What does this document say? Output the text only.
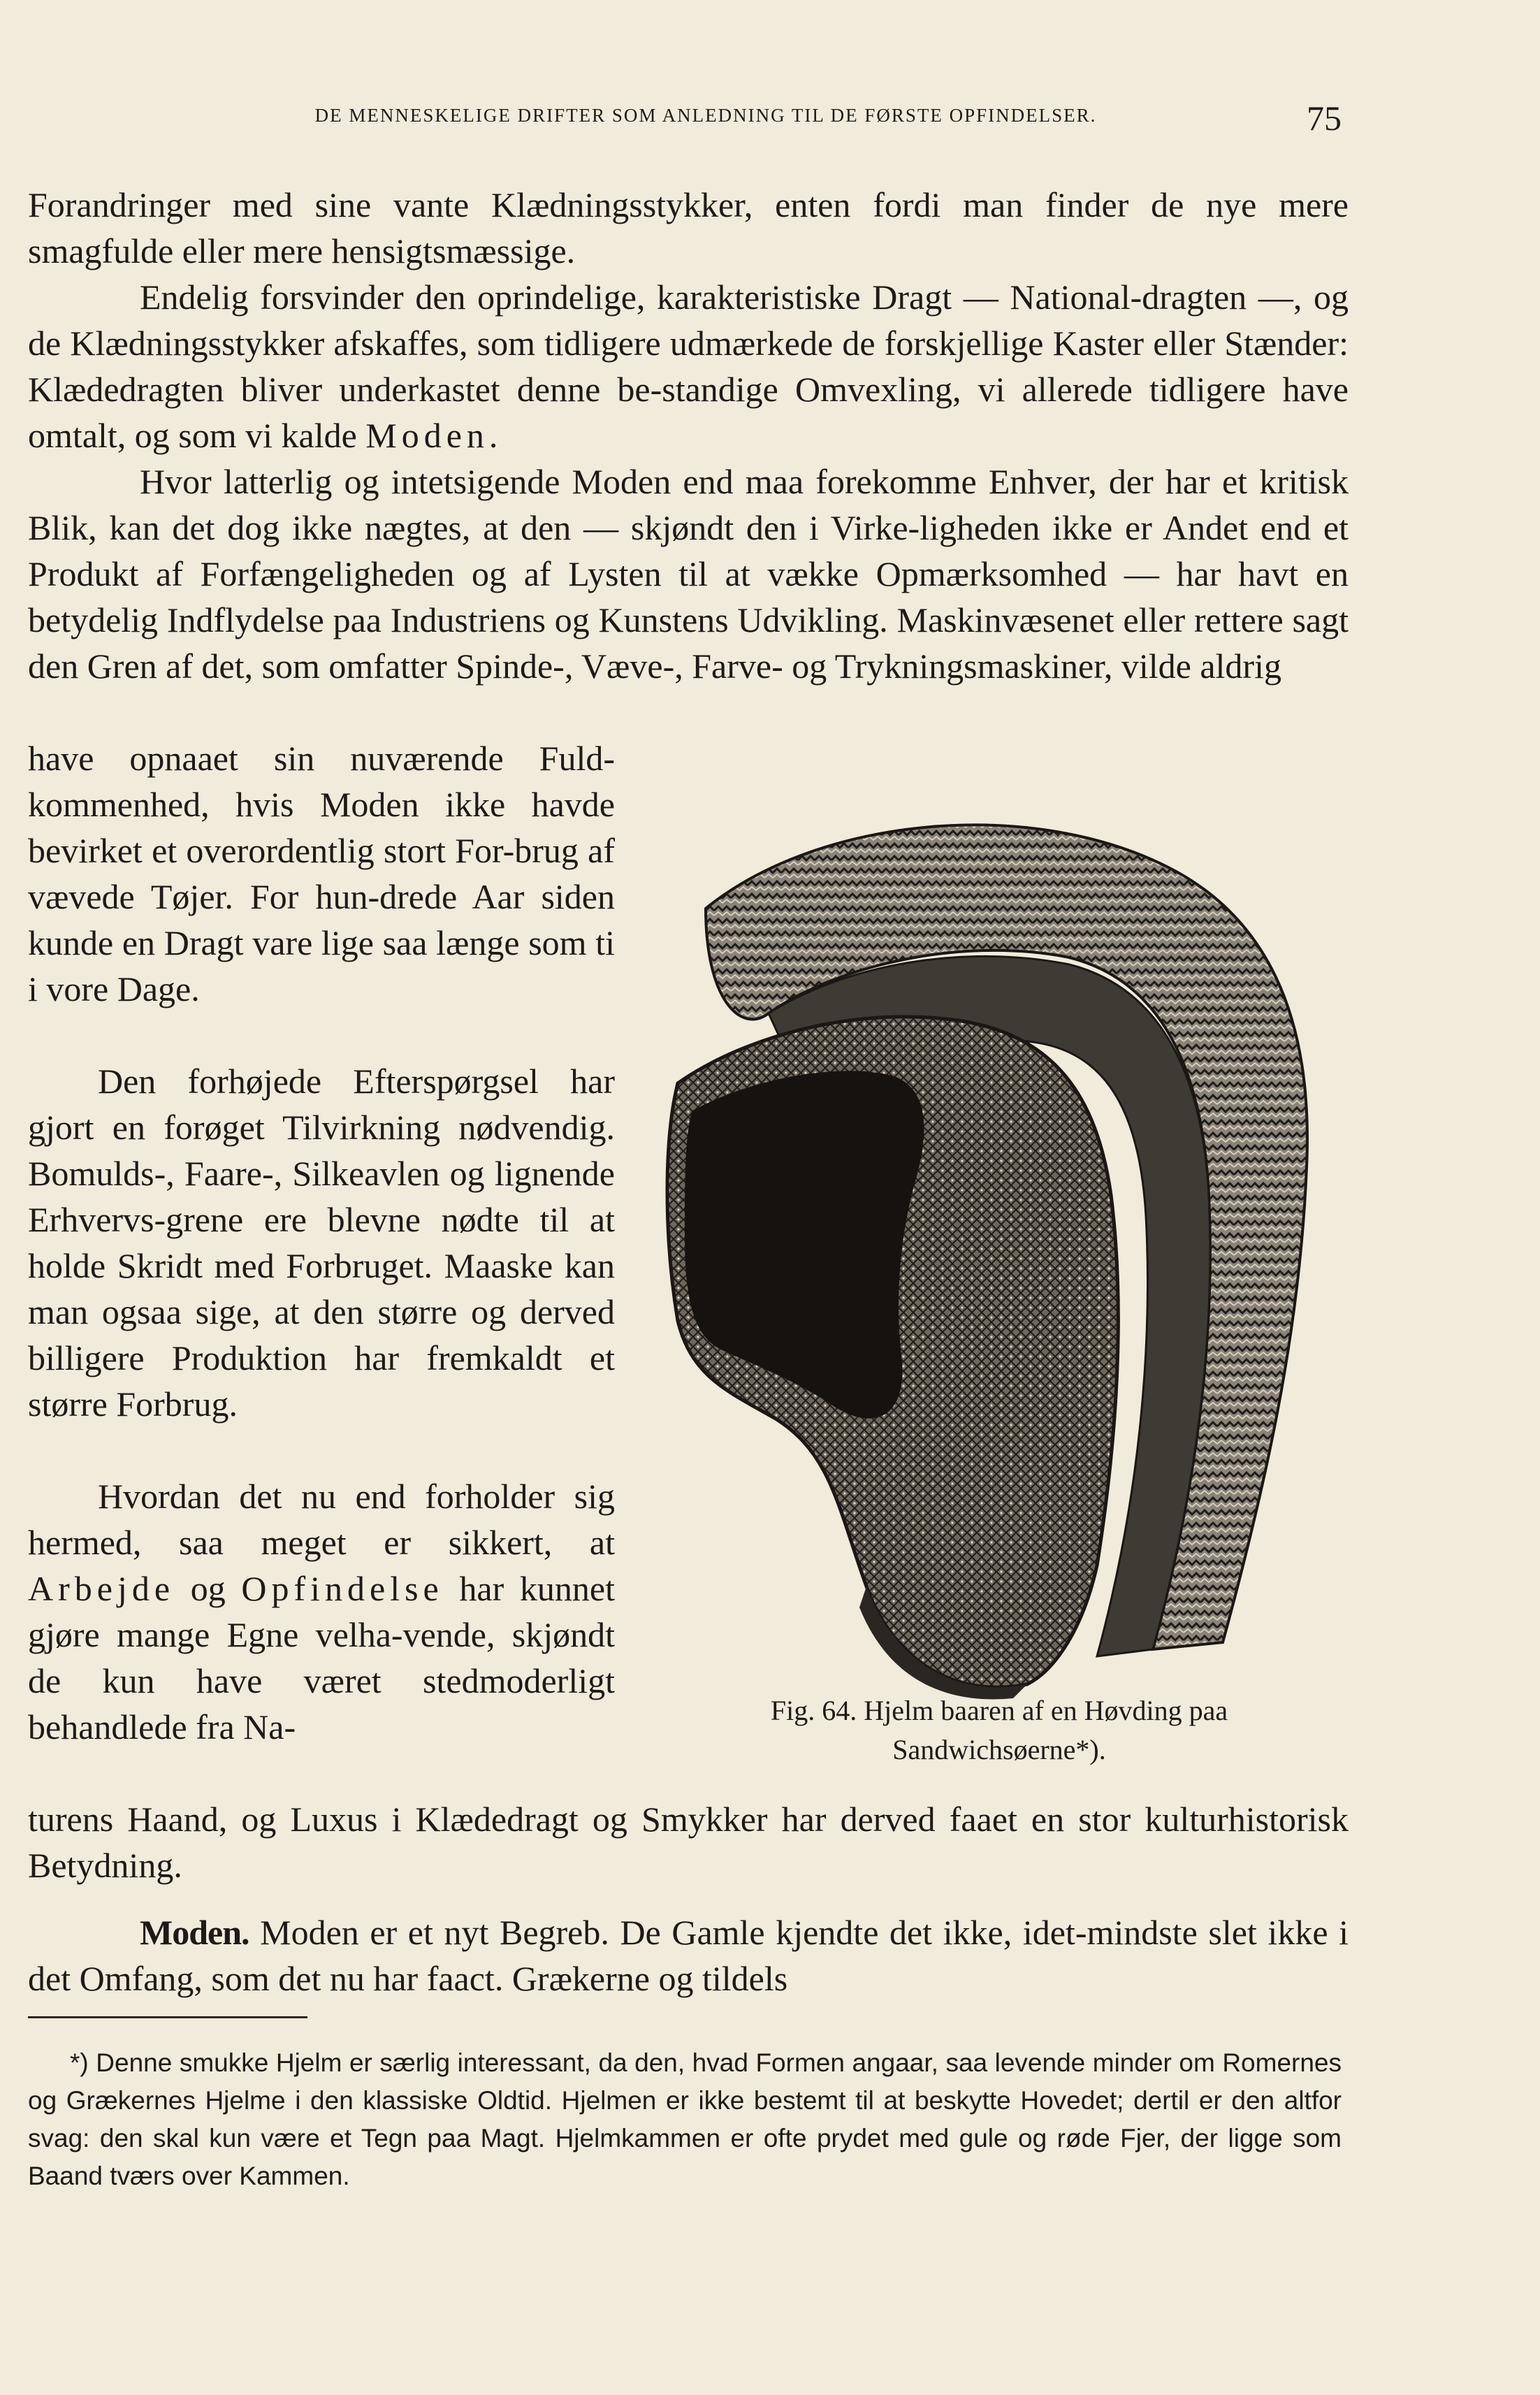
DE MENNESKELIGE DRIFTER SOM ANLEDNING TIL DE FØRSTE OPFINDELSER.	75

Forandringer med sine vante Klædningsstykker, enten fordi man finder de nye mere smagfulde eller mere hensigtsmæssige.

Endelig forsvinder den oprindelige, karakteristiske Dragt — National-dragten —, og de Klædningsstykker afskaffes, som tidligere udmærkede de forskjellige Kaster eller Stænder: Klædedragten bliver underkastet denne be-standige Omvexling, vi allerede tidligere have omtalt, og som vi kalde Moden.

Hvor latterlig og intetsigende Moden end maa forekomme Enhver, der har et kritisk Blik, kan det dog ikke nægtes, at den — skjøndt den i Virke-ligheden ikke er Andet end et Produkt af Forfængeligheden og af Lysten til at vække Opmærksomhed — har havt en betydelig Indflydelse paa Industriens og Kunstens Udvikling. Maskinvæsenet eller rettere sagt den Gren af det, som omfatter Spinde-, Væve-, Farve- og Trykningsmaskiner, vilde aldrig

have opnaaet sin nuværende Fuld-kommenhed, hvis Moden ikke havde bevirket et overordentlig stort For-brug af vævede Tøjer. For hun-drede Aar siden kunde en Dragt vare lige saa længe som ti i vore Dage.

Den forhøjede Efterspørgsel har gjort en forøget Tilvirkning nødvendig. Bomulds-, Faare-, Silkeavlen og lignende Erhvervs-grene ere blevne nødte til at holde Skridt med Forbruget. Maaske kan man ogsaa sige, at den større og derved billigere Produktion har fremkaldt et større Forbrug.

Hvordan det nu end forholder sig hermed, saa meget er sikkert, at Arbejde og Opfindelse har kunnet gjøre mange Egne velha-vende, skjøndt de kun have været stedmoderligt behandlede fra Na-

turens Haand, og Luxus i Klædedragt og Smykker har derved faaet en stor kulturhistorisk Betydning.

Moden. Moden er et nyt Begreb. De Gamle kjendte det ikke, idet-mindste slet ikke i det Omfang, som det nu har faact. Grækerne og tildels

Fig. 64. Hjelm baaren af en Høvding paa
Sandwichsøerne*).

*) Denne smukke Hjelm er særlig interessant, da den, hvad Formen angaar, saa levende minder om Romernes og Grækernes Hjelme i den klassiske Oldtid. Hjelmen er ikke bestemt til at beskytte Hovedet; dertil er den altfor svag: den skal kun være et Tegn paa Magt. Hjelmkammen er ofte prydet med gule og røde Fjer, der ligge som Baand tværs over Kammen.
